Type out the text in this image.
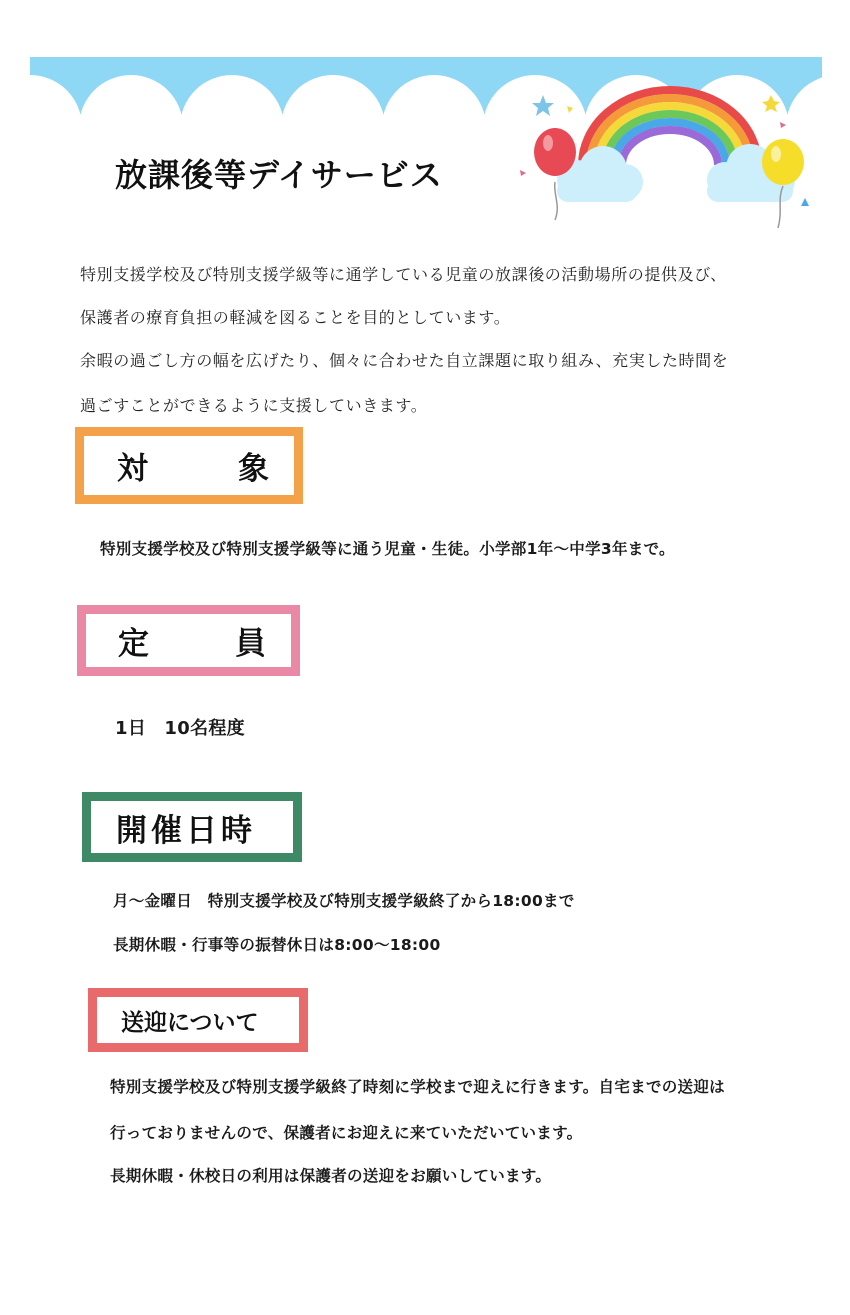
放課後等デイサービス

特別支援学校及び特別支援学級等に通学している児童の放課後の活動場所の提供及び、

保護者の療育負担の軽減を図ることを目的としています。

余暇の過ごし方の幅を広げたり、個々に合わせた自立課題に取り組み、充実した時間を

過ごすことができるように支援していきます。

対	象

特別支援学校及び特別支援学級等に通う児童・生徒。小学部1年～中学3年まで。

定	員

1日　10名程度

開催日時

月～金曜日　特別支援学校及び特別支援学級終了から18:00まで

長期休暇・行事等の振替休日は8:00～18:00

送迎について

特別支援学校及び特別支援学級終了時刻に学校まで迎えに行きます。自宅までの送迎は

行っておりませんので、保護者にお迎えに来ていただいています。

長期休暇・休校日の利用は保護者の送迎をお願いしています。
